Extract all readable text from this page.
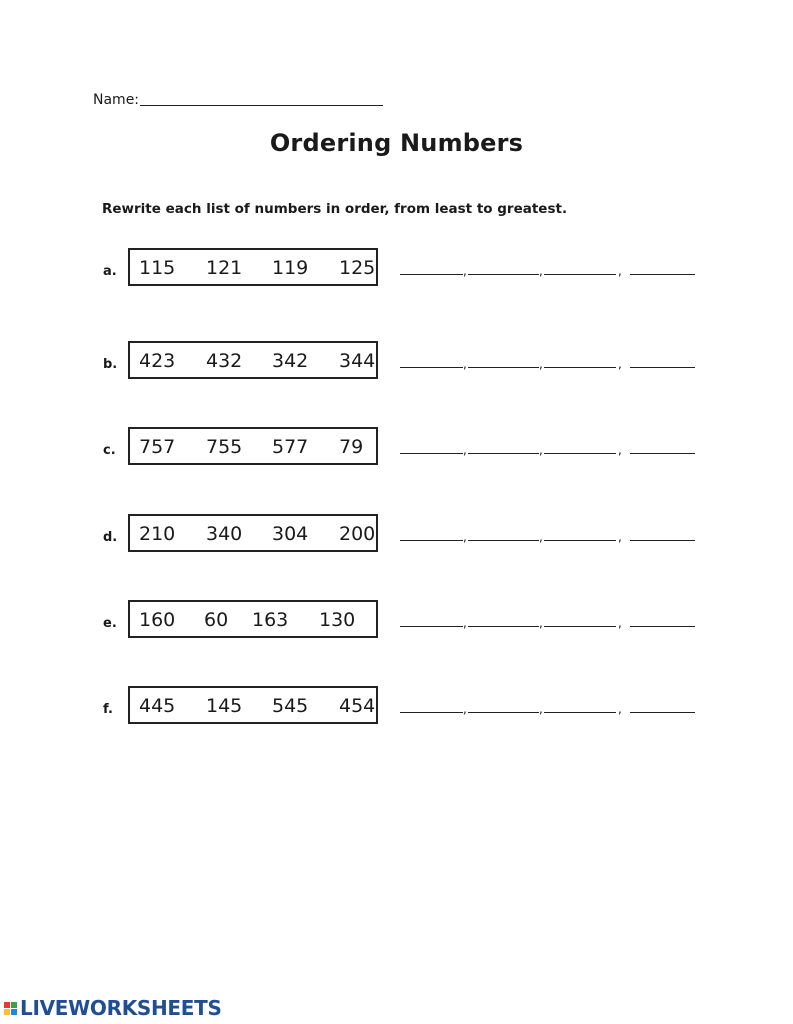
Name:
Ordering Numbers
Rewrite each list of numbers in order, from least to greatest.
a. 115 121 119 125	,	,	,
b. 423 432 342 344	,	,	,
c. 757 755 577 79	,	,	,
d. 210 340 304 200	,	,	,
e. 160 60 163 130	,	,	,
f. 445 145 545 454	,	,	,
LIVEWORKSHEETS
